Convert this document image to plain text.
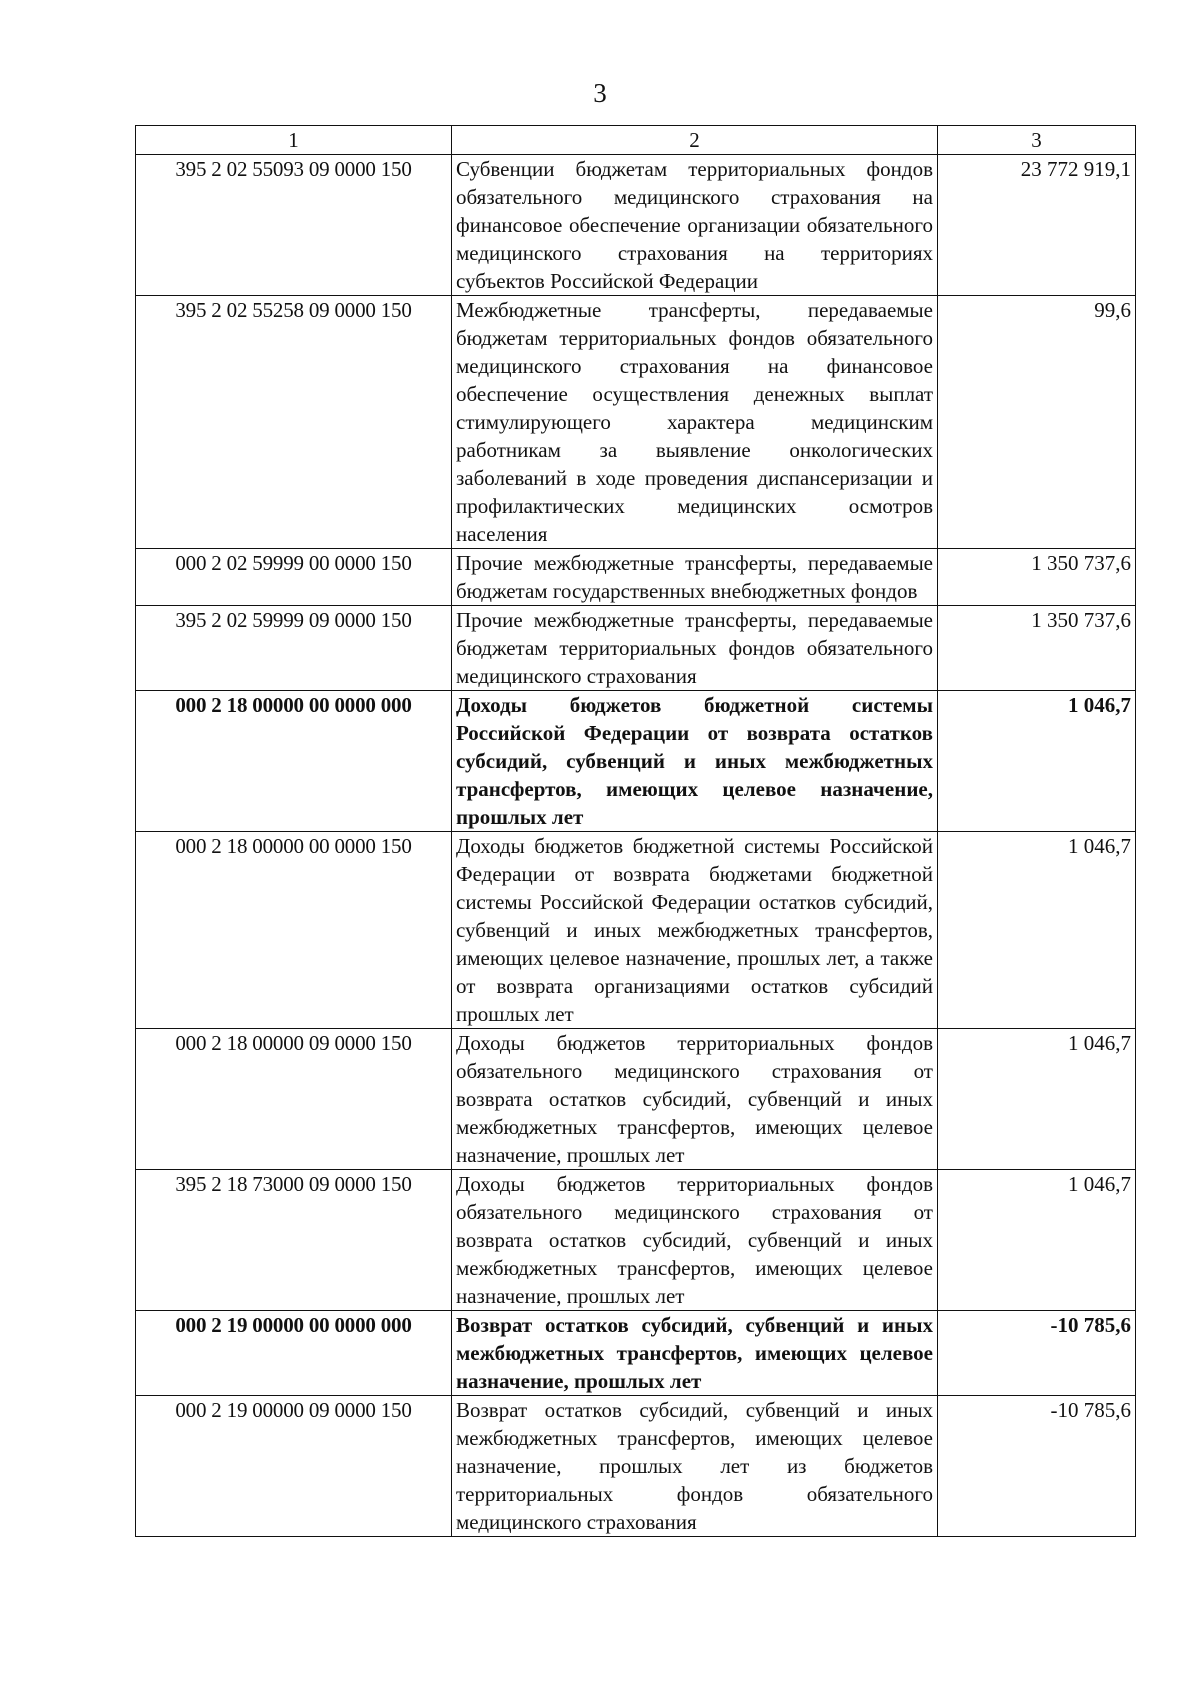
3
1	2	3
395 2 02 55093 09 0000 150	Субвенции бюджетам территориальных фондов обязательного медицинского страхования на финансовое обеспечение организации обязательного медицинского страхования на территориях субъектов Российской Федерации	23 772 919,1
395 2 02 55258 09 0000 150	Межбюджетные трансферты, передаваемые бюджетам территориальных фондов обязательного медицинского страхования на финансовое обеспечение осуществления денежных выплат стимулирующего характера медицинским работникам за выявление онкологических заболеваний в ходе проведения диспансеризации и профилактических медицинских осмотров населения	99,6
000 2 02 59999 00 0000 150	Прочие межбюджетные трансферты, передаваемые бюджетам государственных внебюджетных фондов	1 350 737,6
395 2 02 59999 09 0000 150	Прочие межбюджетные трансферты, передаваемые бюджетам территориальных фондов обязательного медицинского страхования	1 350 737,6
000 2 18 00000 00 0000 000	Доходы бюджетов бюджетной системы Российской Федерации от возврата остатков субсидий, субвенций и иных межбюджетных трансфертов, имеющих целевое назначение, прошлых лет	1 046,7
000 2 18 00000 00 0000 150	Доходы бюджетов бюджетной системы Российской Федерации от возврата бюджетами бюджетной системы Российской Федерации остатков субсидий, субвенций и иных межбюджетных трансфертов, имеющих целевое назначение, прошлых лет, а также от возврата организациями остатков субсидий прошлых лет	1 046,7
000 2 18 00000 09 0000 150	Доходы бюджетов территориальных фондов обязательного медицинского страхования от возврата остатков субсидий, субвенций и иных межбюджетных трансфертов, имеющих целевое назначение, прошлых лет	1 046,7
395 2 18 73000 09 0000 150	Доходы бюджетов территориальных фондов обязательного медицинского страхования от возврата остатков субсидий, субвенций и иных межбюджетных трансфертов, имеющих целевое назначение, прошлых лет	1 046,7
000 2 19 00000 00 0000 000	Возврат остатков субсидий, субвенций и иных межбюджетных трансфертов, имеющих целевое назначение, прошлых лет	-10 785,6
000 2 19 00000 09 0000 150	Возврат остатков субсидий, субвенций и иных межбюджетных трансфертов, имеющих целевое назначение, прошлых лет из бюджетов территориальных фондов обязательного медицинского страхования	-10 785,6
